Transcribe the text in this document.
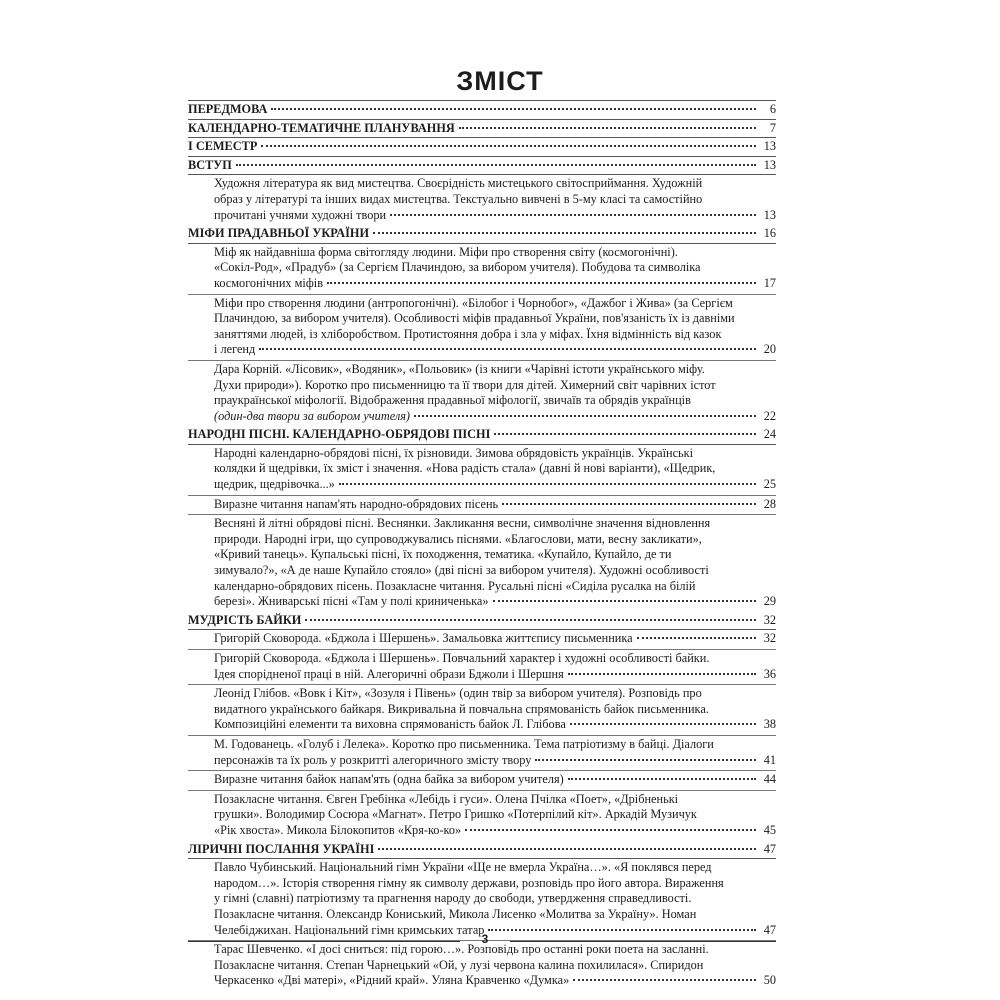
ЗМІСТ
ПЕРЕДМОВА	6
КАЛЕНДАРНО-ТЕМАТИЧНЕ ПЛАНУВАННЯ	7
І СЕМЕСТР	13
ВСТУП	13
Художня література як вид мистецтва. Своєрідність мистецького світосприймання. Художній
образ у літературі та інших видах мистецтва. Текстуально вивчені в 5-му класі та самостійно
прочитані учнями художні твори	13
МІФИ ПРАДАВНЬОЇ УКРАЇНИ	16
Міф як найдавніша форма світогляду людини. Міфи про створення світу (космогонічні).
«Сокіл-Род», «Прадуб» (за Сергієм Плачиндою, за вибором учителя). Побудова та символіка
космогонічних міфів	17
Міфи про створення людини (антропогонічні). «Білобог і Чорнобог», «Дажбог і Жива» (за Сергієм
Плачиндою, за вибором учителя). Особливості міфів прадавньої України, пов'язаність їх із давніми
заняттями людей, із хліборобством. Протистояння добра і зла у міфах. Їхня відмінність від казок
і легенд	20
Дара Корній. «Лісовик», «Водяник», «Польовик» (із книги «Чарівні істоти українського міфу.
Духи природи»). Коротко про письменницю та її твори для дітей. Химерний світ чарівних істот
праукраїнської міфології. Відображення прадавньої міфології, звичаїв та обрядів українців
(один-два твори за вибором учителя)	22
НАРОДНІ ПІСНІ. КАЛЕНДАРНО-ОБРЯДОВІ ПІСНІ	24
Народні календарно-обрядові пісні, їх різновиди. Зимова обрядовість українців. Українські
колядки й щедрівки, їх зміст і значення. «Нова радість стала» (давні й нові варіанти), «Щедрик,
щедрик, щедрівочка...»	25
Виразне читання напам'ять народно-обрядових пісень	28
Весняні й літні обрядові пісні. Веснянки. Закликання весни, символічне значення відновлення
природи. Народні ігри, що супроводжувались піснями. «Благослови, мати, весну закликати»,
«Кривий танець». Купальські пісні, їх походження, тематика. «Купайло, Купайло, де ти
зимувало?», «А де наше Купайло стояло» (дві пісні за вибором учителя). Художні особливості
календарно-обрядових пісень. Позакласне читання. Русальні пісні «Сиділа русалка на білій
березі». Жниварські пісні «Там у полі криниченька»	29
МУДРІСТЬ БАЙКИ	32
Григорій Сковорода. «Бджола і Шершень». Замальовка життєпису письменника	32
Григорій Сковорода. «Бджола і Шершень». Повчальний характер і художні особливості байки.
Ідея спорідненої праці в ній. Алегоричні образи Бджоли і Шершня	36
Леонід Глібов. «Вовк і Кіт», «Зозуля і Півень» (один твір за вибором учителя). Розповідь про
видатного українського байкаря. Викривальна й повчальна спрямованість байок письменника.
Композиційні елементи та виховна спрямованість байок Л. Глібова	38
М. Годованець. «Голуб і Лелека». Коротко про письменника. Тема патріотизму в байці. Діалоги
персонажів та їх роль у розкритті алегоричного змісту твору	41
Виразне читання байок напам'ять (одна байка за вибором учителя)	44
Позакласне читання. Євген Гребінка «Лебідь і гуси». Олена Пчілка «Поет», «Дрібненькі
грушки». Володимир Сосюра «Магнат». Петро Гришко «Потерпілий кіт». Аркадій Музичук
«Рік хвоста». Микола Білокопитов «Кря-ко-ко»	45
ЛІРИЧНІ ПОСЛАННЯ УКРАЇНІ	47
Павло Чубинський. Національний гімн України «Ще не вмерла Україна…». «Я поклявся перед
народом…». Історія створення гімну як символу держави, розповідь про його автора. Вираження
у гімні (славні) патріотизму та прагнення народу до свободи, утвердження справедливості.
Позакласне читання. Олександр Кониський, Микола Лисенко «Молитва за Україну». Номан
Челебіджихан. Національний гімн кримських татар	47
Тарас Шевченко. «І досі сниться: під горою…». Розповідь про останні роки поета на засланні.
Позакласне читання. Степан Чарнецький «Ой, у лузі червона калина похилилася». Спиридон
Черкасенко «Дві матері», «Рідний край». Уляна Кравченко «Думка»	50
3
